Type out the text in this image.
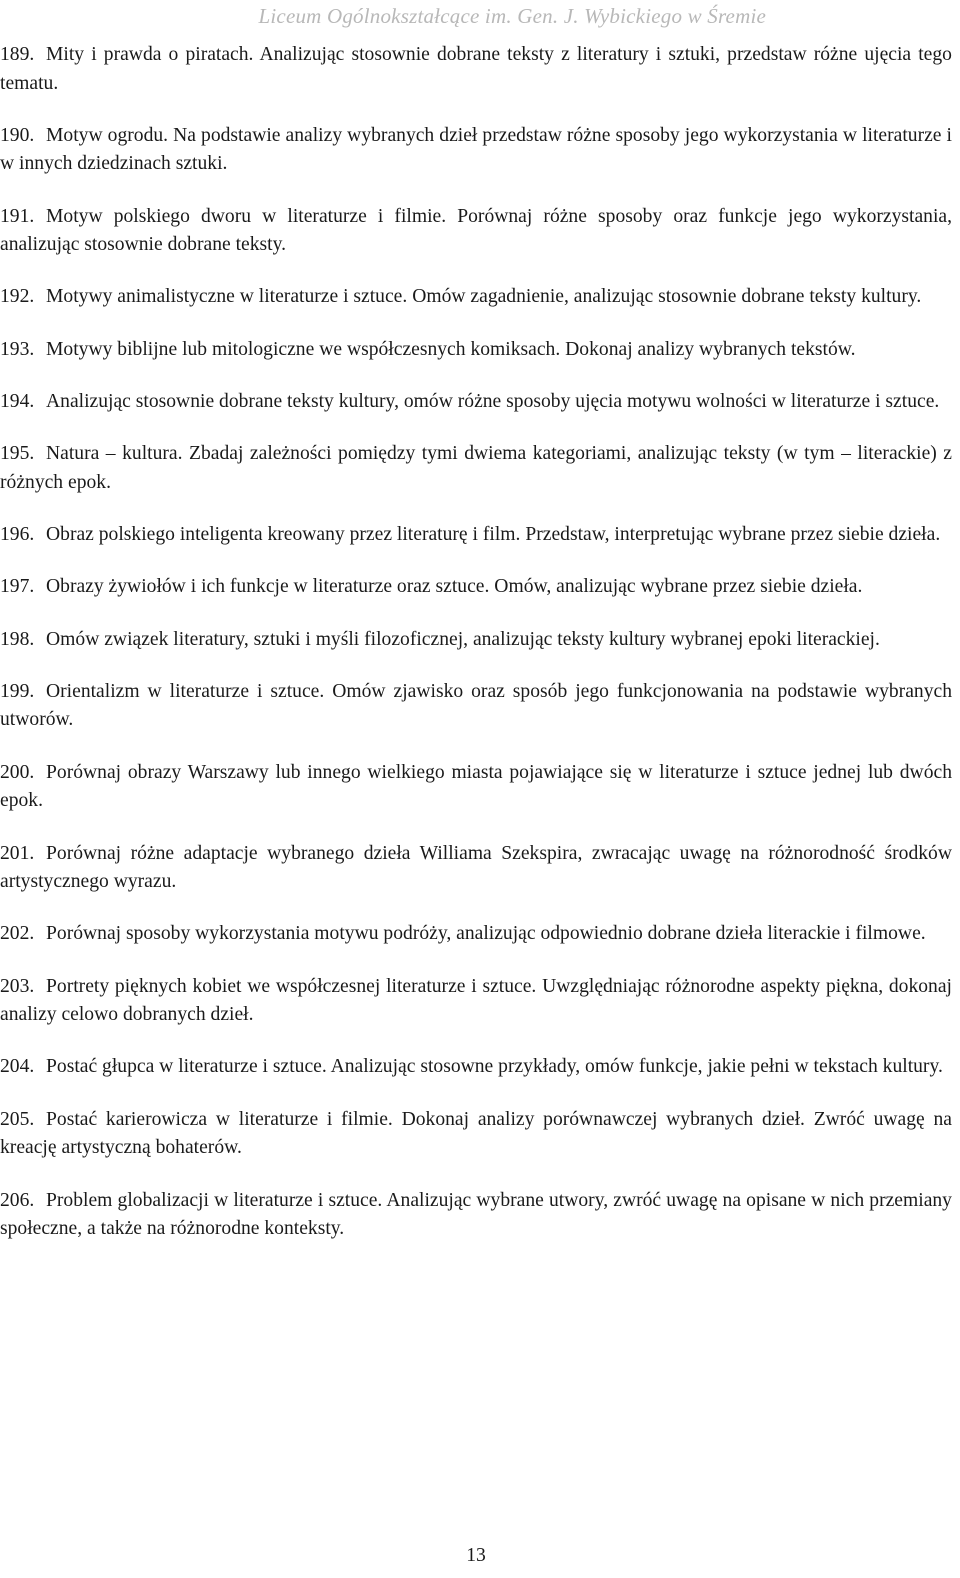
Liceum Ogólnokształcące im. Gen. J. Wybickiego w Śremie

189. Mity i prawda o piratach. Analizując stosownie dobrane teksty z literatury i sztuki, przedstaw różne ujęcia tego tematu.

190. Motyw ogrodu. Na podstawie analizy wybranych dzieł przedstaw różne sposoby jego wykorzystania w literaturze i w innych dziedzinach sztuki.

191. Motyw polskiego dworu w literaturze i filmie. Porównaj różne sposoby oraz funkcje jego wykorzystania, analizując stosownie dobrane teksty.

192. Motywy animalistyczne w literaturze i sztuce. Omów zagadnienie, analizując stosownie dobrane teksty kultury.

193. Motywy biblijne lub mitologiczne we współczesnych komiksach. Dokonaj analizy wybranych tekstów.

194. Analizując stosownie dobrane teksty kultury, omów różne sposoby ujęcia motywu wolności w literaturze i sztuce.

195. Natura – kultura. Zbadaj zależności pomiędzy tymi dwiema kategoriami, analizując teksty (w tym – literackie) z różnych epok.

196. Obraz polskiego inteligenta kreowany przez literaturę i film. Przedstaw, interpretując wybrane przez siebie dzieła.

197. Obrazy żywiołów i ich funkcje w literaturze oraz sztuce. Omów, analizując wybrane przez siebie dzieła.

198. Omów związek literatury, sztuki i myśli filozoficznej, analizując teksty kultury wybranej epoki literackiej.

199. Orientalizm w literaturze i sztuce. Omów zjawisko oraz sposób jego funkcjonowania na podstawie wybranych utworów.

200. Porównaj obrazy Warszawy lub innego wielkiego miasta pojawiające się w literaturze i sztuce jednej lub dwóch epok.

201. Porównaj różne adaptacje wybranego dzieła Williama Szekspira, zwracając uwagę na różnorodność środków artystycznego wyrazu.

202. Porównaj sposoby wykorzystania motywu podróży, analizując odpowiednio dobrane dzieła literackie i filmowe.

203. Portrety pięknych kobiet we współczesnej literaturze i sztuce. Uwzględniając różnorodne aspekty piękna, dokonaj analizy celowo dobranych dzieł.

204. Postać głupca w literaturze i sztuce. Analizując stosowne przykłady, omów funkcje, jakie pełni w tekstach kultury.

205. Postać karierowicza w literaturze i filmie. Dokonaj analizy porównawczej wybranych dzieł. Zwróć uwagę na kreację artystyczną bohaterów.

206. Problem globalizacji w literaturze i sztuce. Analizując wybrane utwory, zwróć uwagę na opisane w nich przemiany społeczne, a także na różnorodne konteksty.

13
